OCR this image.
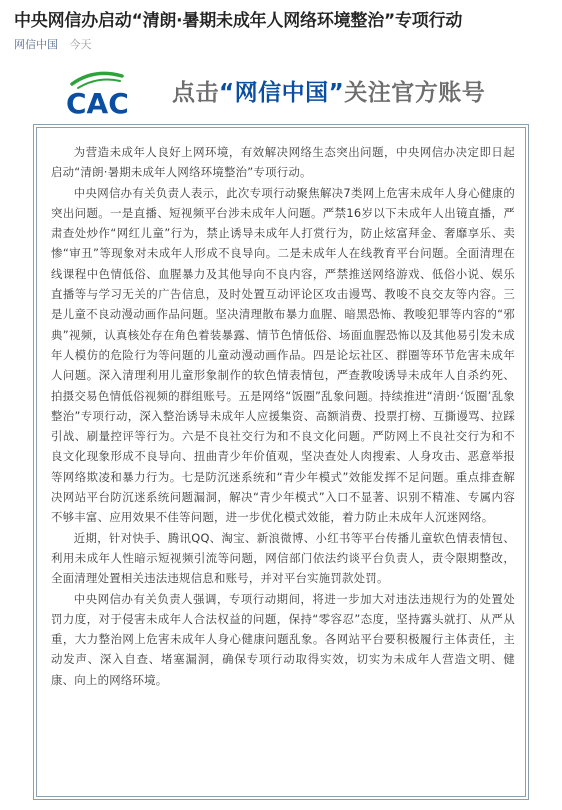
中央网信办启动“清朗·暑期未成年人网络环境整治”专项行动
网信中国 今天
CAC 点击“网信中国”关注官方账号

为营造未成年人良好上网环境，有效解决网络生态突出问题，中央网信办决定即日起启动“清朗·暑期未成年人网络环境整治”专项行动。

中央网信办有关负责人表示，此次专项行动聚焦解决7类网上危害未成年人身心健康的突出问题。一是直播、短视频平台涉未成年人问题。严禁16岁以下未成年人出镜直播，严肃查处炒作“网红儿童”行为，禁止诱导未成年人打赏行为，防止炫富拜金、奢靡享乐、卖惨“审丑”等现象对未成年人形成不良导向。二是未成年人在线教育平台问题。全面清理在线课程中色情低俗、血腥暴力及其他导向不良内容，严禁推送网络游戏、低俗小说、娱乐直播等与学习无关的广告信息，及时处置互动评论区攻击谩骂、教唆不良交友等内容。三是儿童不良动漫动画作品问题。坚决清理散布暴力血腥、暗黑恐怖、教唆犯罪等内容的“邪典”视频，认真核处存在角色着装暴露、情节色情低俗、场面血腥恐怖以及其他易引发未成年人模仿的危险行为等问题的儿童动漫动画作品。四是论坛社区、群圈等环节危害未成年人问题。深入清理利用儿童形象制作的软色情表情包，严查教唆诱导未成年人自杀约死、拍摄交易色情低俗视频的群组账号。五是网络“饭圈”乱象问题。持续推进“清朗·‘饭圈’乱象整治”专项行动，深入整治诱导未成年人应援集资、高额消费、投票打榜、互撕谩骂、拉踩引战、刷量控评等行为。六是不良社交行为和不良文化问题。严防网上不良社交行为和不良文化现象形成不良导向、扭曲青少年价值观，坚决查处人肉搜索、人身攻击、恶意举报等网络欺凌和暴力行为。七是防沉迷系统和“青少年模式”效能发挥不足问题。重点排查解决网站平台防沉迷系统问题漏洞，解决“青少年模式”入口不显著、识别不精准、专属内容不够丰富、应用效果不佳等问题，进一步优化模式效能，着力防止未成年人沉迷网络。

近期，针对快手、腾讯QQ、淘宝、新浪微博、小红书等平台传播儿童软色情表情包、利用未成年人性暗示短视频引流等问题，网信部门依法约谈平台负责人，责令限期整改，全面清理处置相关违法违规信息和账号，并对平台实施罚款处罚。

中央网信办有关负责人强调，专项行动期间，将进一步加大对违法违规行为的处置处罚力度，对于侵害未成年人合法权益的问题，保持“零容忍”态度，坚持露头就打、从严从重，大力整治网上危害未成年人身心健康问题乱象。各网站平台要积极履行主体责任，主动发声、深入自查、堵塞漏洞，确保专项行动取得实效，切实为未成年人营造文明、健康、向上的网络环境。
